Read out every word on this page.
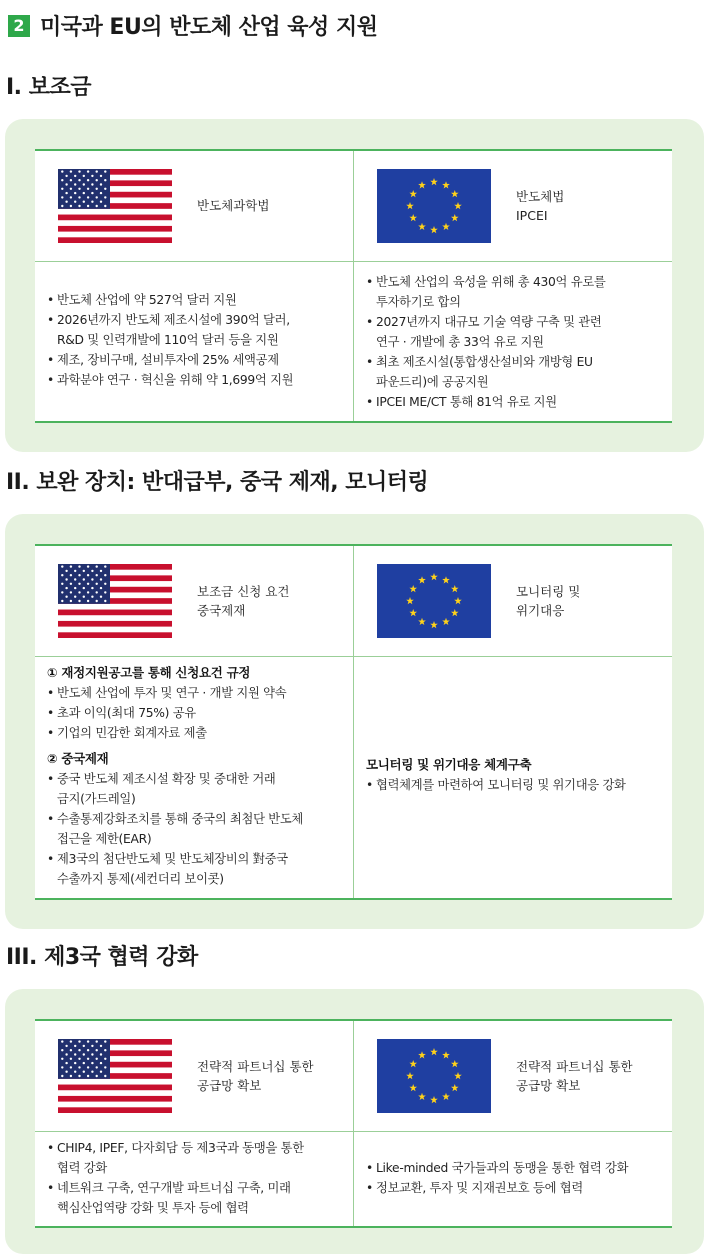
2 미국과 EU의 반도체 산업 육성 지원
I. 보조금
반도체과학법
반도체법
IPCEI
• 반도체 산업에 약 527억 달러 지원
• 2026년까지 반도체 제조시설에 390억 달러,
R&D 및 인력개발에 110억 달러 등을 지원
• 제조, 장비구매, 설비투자에 25% 세액공제
• 과학분야 연구 · 혁신을 위해 약 1,699억 지원
• 반도체 산업의 육성을 위해 총 430억 유로를
투자하기로 합의
• 2027년까지 대규모 기술 역량 구축 및 관련
연구 · 개발에 총 33억 유로 지원
• 최초 제조시설(통합생산설비와 개방형 EU
파운드리)에 공공지원
• IPCEI ME/CT 통해 81억 유로 지원
II. 보완 장치: 반대급부, 중국 제재, 모니터링
보조금 신청 요건
중국제재
모니터링 및
위기대응
① 재정지원공고를 통해 신청요건 규정
• 반도체 산업에 투자 및 연구 · 개발 지원 약속
• 초과 이익(최대 75%) 공유
• 기업의 민감한 회계자료 제출
② 중국제재
• 중국 반도체 제조시설 확장 및 중대한 거래
금지(가드레일)
• 수출통제강화조치를 통해 중국의 최첨단 반도체
접근을 제한(EAR)
• 제3국의 첨단반도체 및 반도체장비의 對중국
수출까지 통제(세컨더리 보이콧)
모니터링 및 위기대응 체계구축
• 협력체계를 마련하여 모니터링 및 위기대응 강화
III. 제3국 협력 강화
전략적 파트너십 통한
공급망 확보
전략적 파트너십 통한
공급망 확보
• CHIP4, IPEF, 다자회담 등 제3국과 동맹을 통한
협력 강화
• 네트워크 구축, 연구개발 파트너십 구축, 미래
핵심산업역량 강화 및 투자 등에 협력
• Like-minded 국가들과의 동맹을 통한 협력 강화
• 정보교환, 투자 및 지재권보호 등에 협력
